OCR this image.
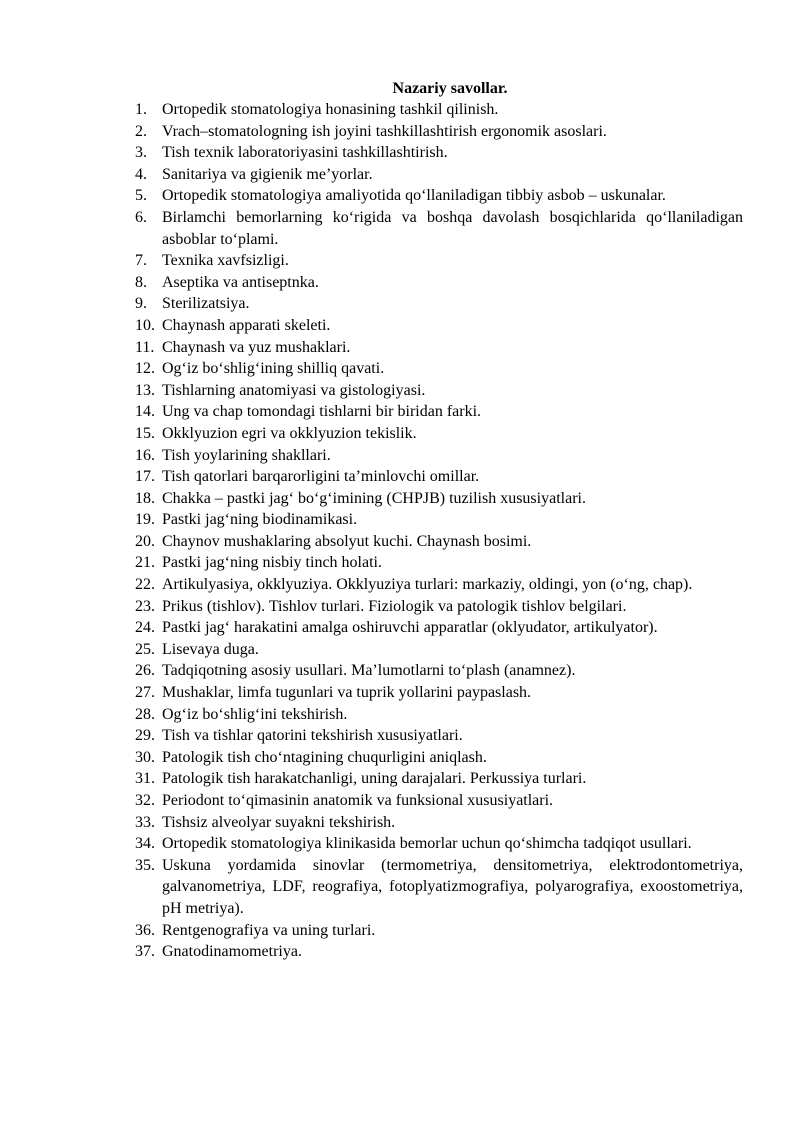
Nazariy savollar.
1. Ortopedik stomatologiya honasining tashkil qilinish.
2. Vrach–stomatologning ish joyini tashkillashtirish ergonomik asoslari.
3. Tish texnik laboratoriyasini tashkillashtirish.
4. Sanitariya va gigienik me’yorlar.
5. Ortopedik stomatologiya amaliyotida qo‘llaniladigan tibbiy asbob – uskunalar.
6. Birlamchi bemorlarning ko‘rigida va boshqa davolash bosqichlarida qo‘llaniladigan asboblar to‘plami.
7. Texnika xavfsizligi.
8. Aseptika va antiseptnka.
9. Sterilizatsiya.
10. Chaynash apparati skeleti.
11. Chaynash va yuz mushaklari.
12. Og‘iz bo‘shlig‘ining shilliq qavati.
13. Tishlarning anatomiyasi va gistologiyasi.
14. Ung va chap tomondagi tishlarni bir biridan farki.
15. Okklyuzion egri va okklyuzion tekislik.
16. Tish yoylarining shakllari.
17. Tish qatorlari barqarorligini ta’minlovchi omillar.
18. Chakka – pastki jag‘ bo‘g‘imining (CHPJB) tuzilish xususiyatlari.
19. Pastki jag‘ning biodinamikasi.
20. Chaynov mushaklaring absolyut kuchi. Chaynash bosimi.
21. Pastki jag‘ning nisbiy tinch holati.
22. Artikulyasiya, okklyuziya. Okklyuziya turlari: markaziy, oldingi, yon (o‘ng, chap).
23. Prikus (tishlov). Tishlov turlari. Fiziologik va patologik tishlov belgilari.
24. Pastki jag‘ harakatini amalga oshiruvchi apparatlar (oklyudator, artikulyator).
25. Lisevaya duga.
26. Tadqiqotning asosiy usullari. Ma’lumotlarni to‘plash (anamnez).
27. Mushaklar, limfa tugunlari va tuprik yollarini paypaslash.
28. Og‘iz bo‘shlig‘ini tekshirish.
29. Tish va tishlar qatorini tekshirish xususiyatlari.
30. Patologik tish cho‘ntagining chuqurligini aniqlash.
31. Patologik tish harakatchanligi, uning darajalari. Perkussiya turlari.
32. Periodont to‘qimasinin anatomik va funksional xususiyatlari.
33. Tishsiz alveolyar suyakni tekshirish.
34. Ortopedik stomatologiya klinikasida bemorlar uchun qo‘shimcha tadqiqot usullari.
35. Uskuna yordamida sinovlar (termometriya, densitometriya, elektrodontometriya, galvanometriya, LDF, reografiya, fotoplyatizmografiya, polyarografiya, exoostometriya, pH metriya).
36. Rentgenografiya va uning turlari.
37. Gnatodinamometriya.
